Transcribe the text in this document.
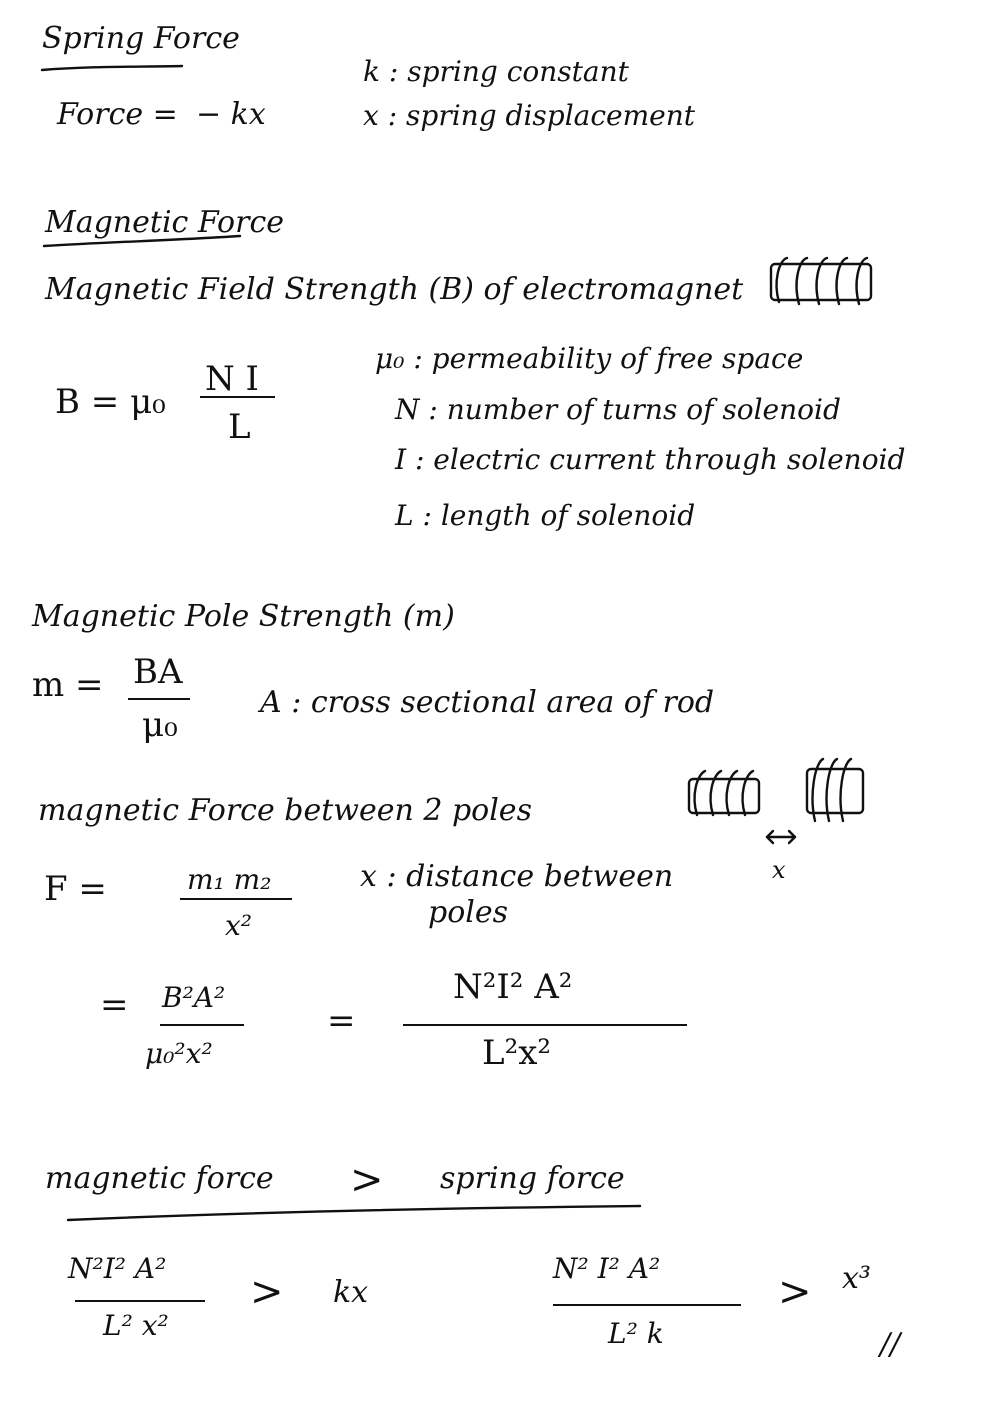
Spring Force
Force = − kx
k : spring constant
x : spring displacement
Magnetic Force
Magnetic Field Strength (B) of electromagnet
B = μ₀
N I
L
μ₀ : permeability of free space
N : number of turns of solenoid
I : electric current through solenoid
L : length of solenoid
Magnetic Pole Strength (m)
m = BA
μ₀
A : cross sectional area of rod
magnetic Force between 2 poles
x
F =	m₁ m₂
x²
x : distance between
poles
= B²A²
μ₀²x²
=
N²I² A²
L²x²
magnetic force > spring force
N²I² A²
L² x²
> kx
N² I² A²
L² k
> x³
//
